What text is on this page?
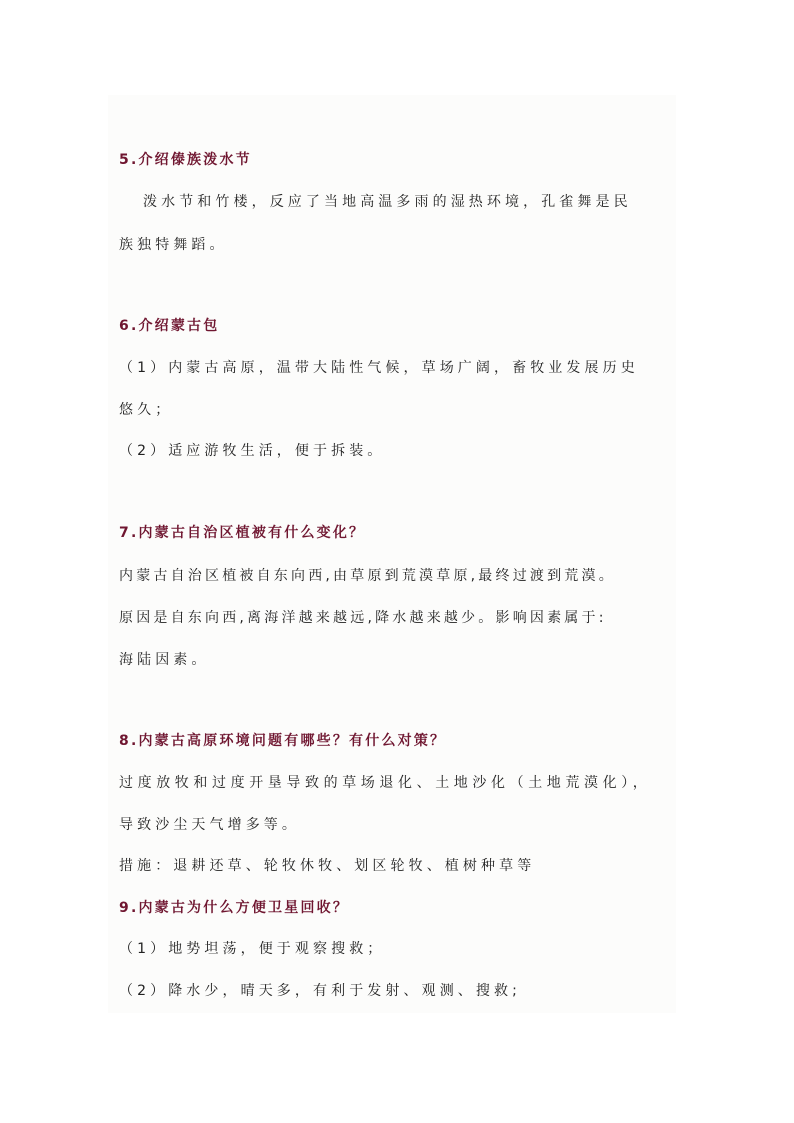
5.介绍傣族泼水节
泼水节和竹楼，反应了当地高温多雨的湿热环境，孔雀舞是民
族独特舞蹈。
6.介绍蒙古包
（1）内蒙古高原，温带大陆性气候，草场广阔，畜牧业发展历史
悠久；
（2）适应游牧生活，便于拆装。
7.内蒙古自治区植被有什么变化？
内蒙古自治区植被自东向西,由草原到荒漠草原,最终过渡到荒漠。
原因是自东向西,离海洋越来越远,降水越来越少。影响因素属于:
海陆因素。
8.内蒙古高原环境问题有哪些？有什么对策？
过度放牧和过度开垦导致的草场退化、土地沙化（土地荒漠化），
导致沙尘天气增多等。
措施：退耕还草、轮牧休牧、划区轮牧、植树种草等
9.内蒙古为什么方便卫星回收？
（1）地势坦荡，便于观察搜救；
（2）降水少，晴天多，有利于发射、观测、搜救;
